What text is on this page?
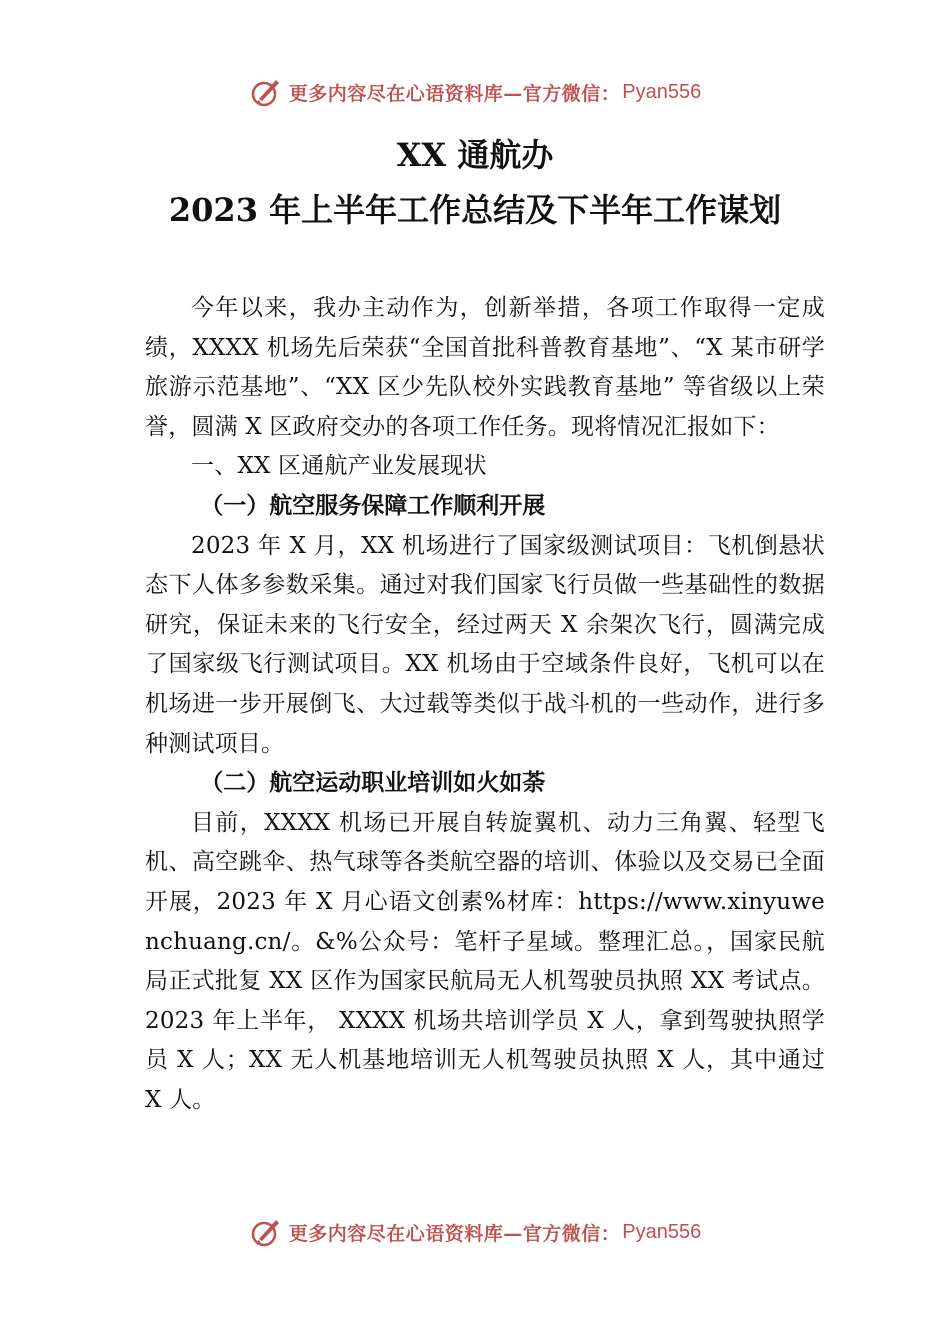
更多内容尽在心语资料库—官方微信： Pyan556
XX 通航办
2023 年上半年工作总结及下半年工作谋划

今年以来，我办主动作为，创新举措，各项工作取得一定成绩，XXXX 机场先后荣获“全国首批科普教育基地”、“X 某市研学旅游示范基地”、“XX 区少先队校外实践教育基地” 等省级以上荣誉，圆满 X 区政府交办的各项工作任务。现将情况汇报如下：

一、XX 区通航产业发展现状

（一）航空服务保障工作顺利开展

2023 年 X 月，XX 机场进行了国家级测试项目：飞机倒悬状态下人体多参数采集。通过对我们国家飞行员做一些基础性的数据研究，保证未来的飞行安全，经过两天 X 余架次飞行，圆满完成了国家级飞行测试项目。XX 机场由于空域条件良好，飞机可以在机场进一步开展倒飞、大过载等类似于战斗机的一些动作，进行多种测试项目。

（二）航空运动职业培训如火如荼

目前，XXXX 机场已开展自转旋翼机、动力三角翼、轻型飞机、高空跳伞、热气球等各类航空器的培训、体验以及交易已全面开展，2023 年 X 月心语文创素%材库：https://www.xinyuwenchuang.cn/。&%公众号：笔杆子星域。整理汇总。，国家民航局正式批复 XX 区作为国家民航局无人机驾驶员执照 XX 考试点。2023 年上半年， XXXX 机场共培训学员 X 人，拿到驾驶执照学员 X 人；XX 无人机基地培训无人机驾驶员执照 X 人，其中通过 X 人。

更多内容尽在心语资料库—官方微信： Pyan556
